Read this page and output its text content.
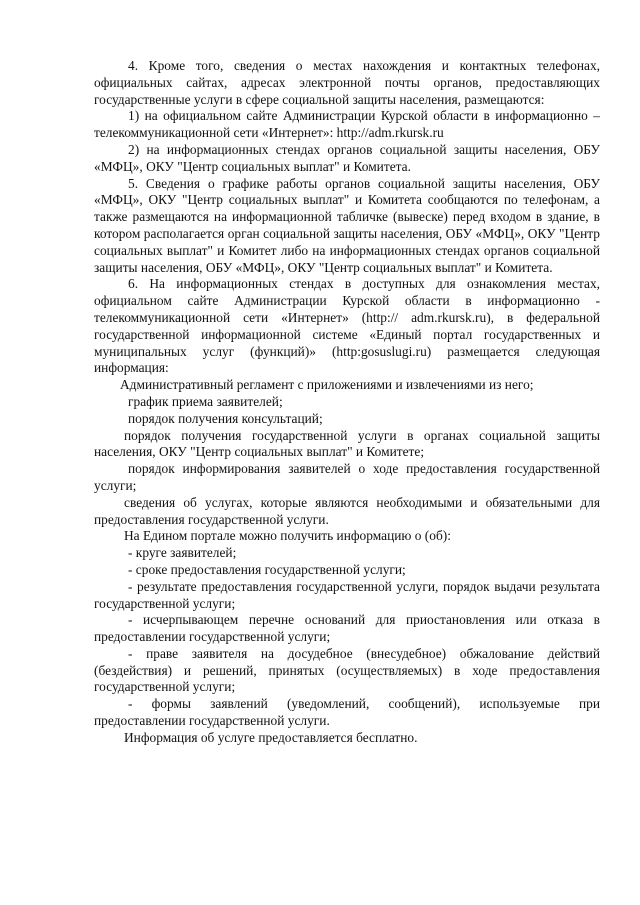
4. Кроме того, сведения о местах нахождения и контактных телефонах, официальных сайтах, адресах электронной почты органов, предоставляющих государственные услуги в сфере социальной защиты населения, размещаются:

1) на официальном сайте Администрации Курской области в информационно – телекоммуникационной сети «Интернет»: http://adm.rkursk.ru

2) на информационных стендах органов социальной защиты населения, ОБУ «МФЦ», ОКУ "Центр социальных выплат" и Комитета.

5. Сведения о графике работы органов социальной защиты населения, ОБУ «МФЦ», ОКУ "Центр социальных выплат" и Комитета сообщаются по телефонам, а также размещаются на информационной табличке (вывеске) перед входом в здание, в котором располагается орган социальной защиты населения, ОБУ «МФЦ», ОКУ "Центр социальных выплат" и Комитет либо на информационных стендах органов социальной защиты населения, ОБУ «МФЦ», ОКУ "Центр социальных выплат" и Комитета.

6. На информационных стендах в доступных для ознакомления местах, официальном сайте Администрации Курской области в информационно - телекоммуникационной сети «Интернет» (http:// adm.rkursk.ru), в федеральной государственной информационной системе «Единый портал государственных и муниципальных услуг (функций)» (http:gosuslugi.ru) размещается следующая информация:

Административный регламент с приложениями и извлечениями из него;

график приема заявителей;

порядок получения консультаций;

порядок получения государственной услуги в органах социальной защиты населения, ОКУ "Центр социальных выплат" и Комитете;

порядок информирования заявителей о ходе предоставления государственной услуги;

сведения об услугах, которые являются необходимыми и обязательными для предоставления государственной услуги.

На Едином портале можно получить информацию о (об):

- круге заявителей;

- сроке предоставления государственной услуги;

- результате предоставления государственной услуги, порядок выдачи результата государственной услуги;

- исчерпывающем перечне оснований для приостановления или отказа в предоставлении государственной услуги;

- праве заявителя на досудебное (внесудебное) обжалование действий (бездействия) и решений, принятых (осуществляемых) в ходе предоставления государственной услуги;

- формы заявлений (уведомлений, сообщений), используемые при предоставлении государственной услуги.

Информация об услуге предоставляется бесплатно.
